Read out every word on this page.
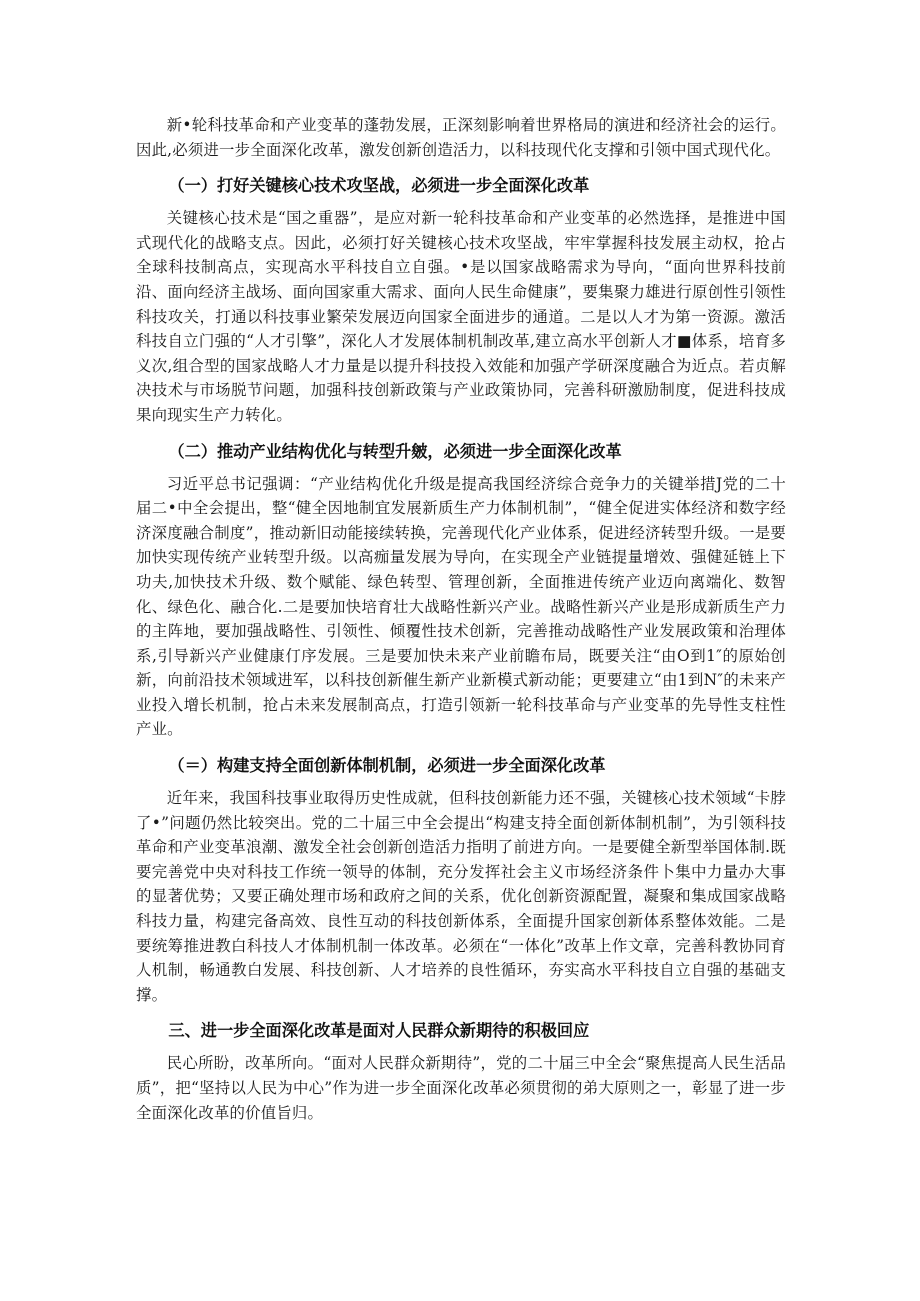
新•轮科技革命和产业变革的蓬勃发展，正深刻影响着世界格局的演进和经济社会的运行。因此,必须进一步全面深化改革，激发创新创造活力，以科技现代化支撑和引领中国式现代化。

（一）打好关键核心技术攻坚战，必须进一步全面深化改革

关键核心技术是“国之重器”，是应对新一轮科技革命和产业变革的必然选择，是推进中国式现代化的战略支点。因此，必须打好关键核心技术攻坚战，牢牢掌握科技发展主动权，抢占全球科技制高点，实现高水平科技自立自强。•是以国家战略需求为导向，“面向世界科技前沿、面向经济主战场、面向国家重大需求、面向人民生命健康”，要集聚力雄进行原创性引领性科技攻关，打通以科技事业繁荣发展迈向国家全面进步的通道。二是以人才为第一资源。激活科技自立门强的“人才引擎”，深化人才发展体制机制改革,建立高水平创新人才■体系，培育多义次,组合型的国家战略人才力量是以提升科技投入效能和加强产学研深度融合为近点。若贞解决技术与市场脱节问题，加强科技创新政策与产业政策协同，完善科研激励制度，促进科技成果向现实生产力转化。

（二）推动产业结构优化与转型升皴，必须进一步全面深化改革

习近平总书记强调：“产业结构优化升级是提高我国经济综合竞争力的关键举措J党的二十届二•中全会提出，整“健全因地制宜发展新质生产力体制机制”，“健全促进实体经济和数字经济深度融合制度”，推动新旧动能接续转换，完善现代化产业体系，促进经济转型升级。一是要加快实现传统产业转型升级。以高痂量发展为导向，在实现全产业链提量增效、强健延链上下功夫,加快技术升级、数个赋能、绿色转型、管理创新，全面推进传统产业迈向离端化、数智化、绿色化、融合化.二是要加快培育壮大战略性新兴产业。战略性新兴产业是形成新质生产力的主阵地，要加强战略性、引领性、倾覆性技术创新，完善推动战略性产业发展政策和治理体系,引导新兴产业健康仃序发展。三是要加快未来产业前瞻布局，既要关注“由O到1″的原始创新，向前沿技术领域进军，以科技创新催生新产业新模式新动能；更要建立“由1到N″的未来产业投入增长机制，抢占未来发展制高点，打造引领新一轮科技革命与产业变革的先导性支柱性产业。

（＝）构建支持全面创新体制机制，必须进一步全面深化改革

近年来，我国科技事业取得历史性成就，但科技创新能力还不强，关键核心技术领域“卡脖了•”问题仍然比较突出。党的二十届三中全会提出“构建支持全面创新体制机制”，为引领科技革命和产业变革浪潮、激发全社会创新创造活力指明了前进方向。一是要健全新型举国体制.既要完善党中央对科技工作统一领导的体制，充分发挥社会主义市场经济条件卜集中力量办大事的显著优势；又要正确处理市场和政府之间的关系，优化创新资源配置，凝聚和集成国家战略科技力量，构建完备高效、良性互动的科技创新体系，全面提升国家创新体系整体效能。二是要统筹推进教白科技人才体制机制一体改革。必须在“一体化”改革上作文章，完善科教协同育人机制，畅通教白发展、科技创新、人才培养的良性循环，夯实高水平科技自立自强的基础支撑。

三、进一步全面深化改革是面对人民群众新期待的积极回应

民心所盼，改革所向。“面对人民群众新期待”，党的二十届三中全会“聚焦提高人民生活品质”，把“坚持以人民为中心”作为进一步全面深化改革必须贯彻的弟大原则之一，彰显了进一步全面深化改革的价值旨归。
